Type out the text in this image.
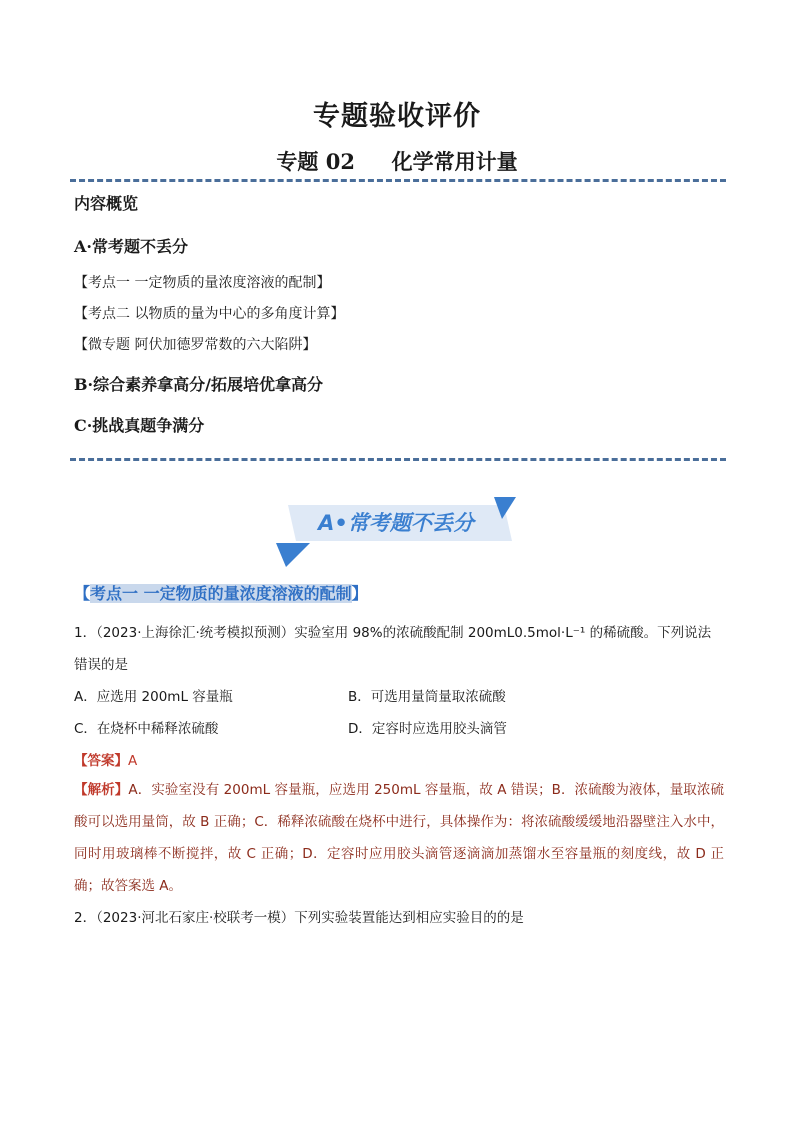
专题验收评价
专题 02 化学常用计量
内容概览
A·常考题不丢分
【考点一 一定物质的量浓度溶液的配制】
【考点二 以物质的量为中心的多角度计算】
【微专题 阿伏加德罗常数的六大陷阱】
B·综合素养拿高分/拓展培优拿高分
C·挑战真题争满分
A•常考题不丢分
【考点一 一定物质的量浓度溶液的配制】
1．（2023·上海徐汇·统考模拟预测）实验室用 98%的浓硫酸配制 200mL0.5mol·L⁻¹ 的稀硫酸。下列说法错误的是
A．应选用 200mL 容量瓶	B．可选用量筒量取浓硫酸
C．在烧杯中稀释浓硫酸	D．定容时应选用胶头滴管
【答案】A
【解析】A．实验室没有 200mL 容量瓶，应选用 250mL 容量瓶，故 A 错误；B．浓硫酸为液体，量取浓硫酸可以选用量筒，故 B 正确；C．稀释浓硫酸在烧杯中进行，具体操作为：将浓硫酸缓缓地沿器壁注入水中，同时用玻璃棒不断搅拌，故 C 正确；D．定容时应用胶头滴管逐滴滴加蒸馏水至容量瓶的刻度线，故 D 正确；故答案选 A。
2．（2023·河北石家庄·校联考一模）下列实验装置能达到相应实验目的的是
